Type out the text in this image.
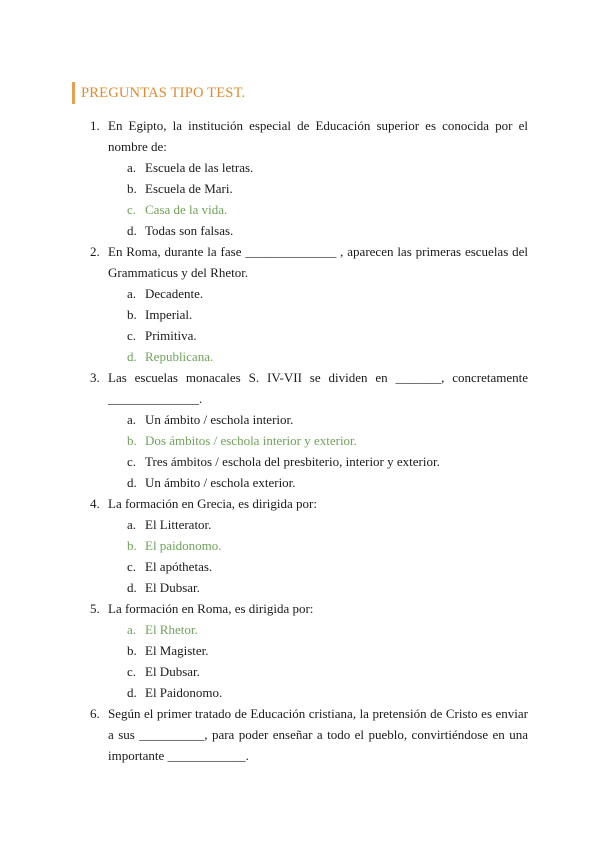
PREGUNTAS TIPO TEST.
1. En Egipto, la institución especial de Educación superior es conocida por el nombre de:
a. Escuela de las letras.
b. Escuela de Mari.
c. Casa de la vida.
d. Todas son falsas.
2. En Roma, durante la fase ______________ , aparecen las primeras escuelas del Grammaticus y del Rhetor.
a. Decadente.
b. Imperial.
c. Primitiva.
d. Republicana.
3. Las escuelas monacales S. IV-VII se dividen en _______, concretamente ______________.
a. Un ámbito / eschola interior.
b. Dos ámbitos / eschola interior y exterior.
c. Tres ámbitos / eschola del presbiterio, interior y exterior.
d. Un ámbito / eschola exterior.
4. La formación en Grecia, es dirigida por:
a. El Litterator.
b. El paidonomo.
c. El apóthetas.
d. El Dubsar.
5. La formación en Roma, es dirigida por:
a. El Rhetor.
b. El Magister.
c. El Dubsar.
d. El Paidonomo.
6. Según el primer tratado de Educación cristiana, la pretensión de Cristo es enviar a sus __________, para poder enseñar a todo el pueblo, convirtiéndose en una importante ____________.
